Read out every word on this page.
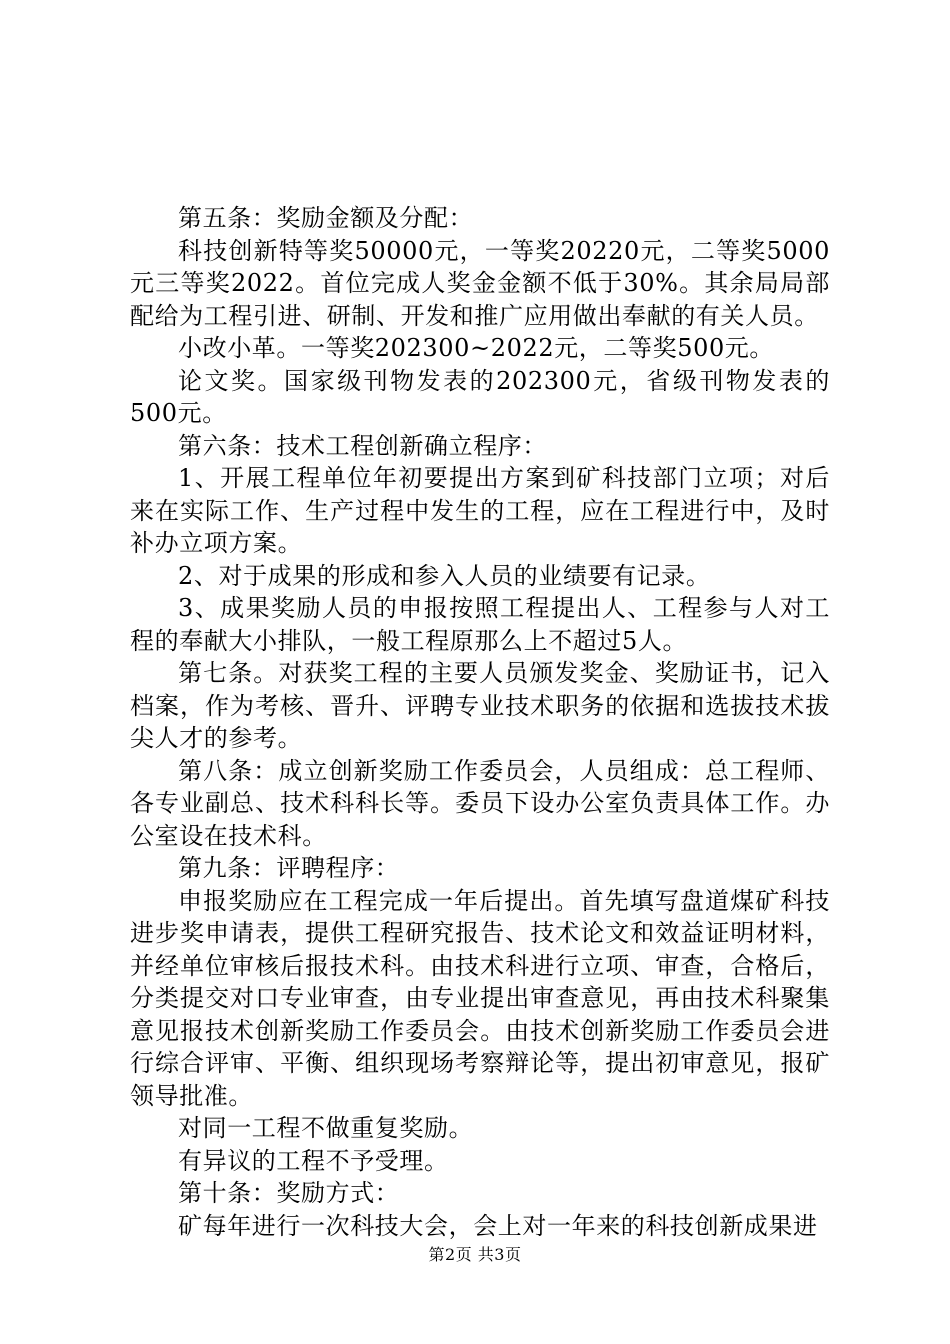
第五条：奖励金额及分配：

科技创新特等奖50000元，一等奖20220元，二等奖5000元三等奖2022。首位完成人奖金金额不低于30%。其余局局部配给为工程引进、研制、开发和推广应用做出奉献的有关人员。

小改小革。一等奖202300~2022元，二等奖500元。

论文奖。国家级刊物发表的202300元，省级刊物发表的500元。

第六条：技术工程创新确立程序：

1、开展工程单位年初要提出方案到矿科技部门立项；对后来在实际工作、生产过程中发生的工程，应在工程进行中，及时补办立项方案。

2、对于成果的形成和参入人员的业绩要有记录。

3、成果奖励人员的申报按照工程提出人、工程参与人对工程的奉献大小排队，一般工程原那么上不超过5人。

第七条。对获奖工程的主要人员颁发奖金、奖励证书，记入档案，作为考核、晋升、评聘专业技术职务的依据和选拔技术拔尖人才的参考。

第八条：成立创新奖励工作委员会，人员组成：总工程师、各专业副总、技术科科长等。委员下设办公室负责具体工作。办公室设在技术科。

第九条：评聘程序：

申报奖励应在工程完成一年后提出。首先填写盘道煤矿科技进步奖申请表，提供工程研究报告、技术论文和效益证明材料，并经单位审核后报技术科。由技术科进行立项、审查，合格后，分类提交对口专业审查，由专业提出审查意见，再由技术科聚集意见报技术创新奖励工作委员会。由技术创新奖励工作委员会进行综合评审、平衡、组织现场考察辩论等，提出初审意见，报矿领导批准。

对同一工程不做重复奖励。

有异议的工程不予受理。

第十条：奖励方式：

矿每年进行一次科技大会，会上对一年来的科技创新成果进

第2页 共3页
